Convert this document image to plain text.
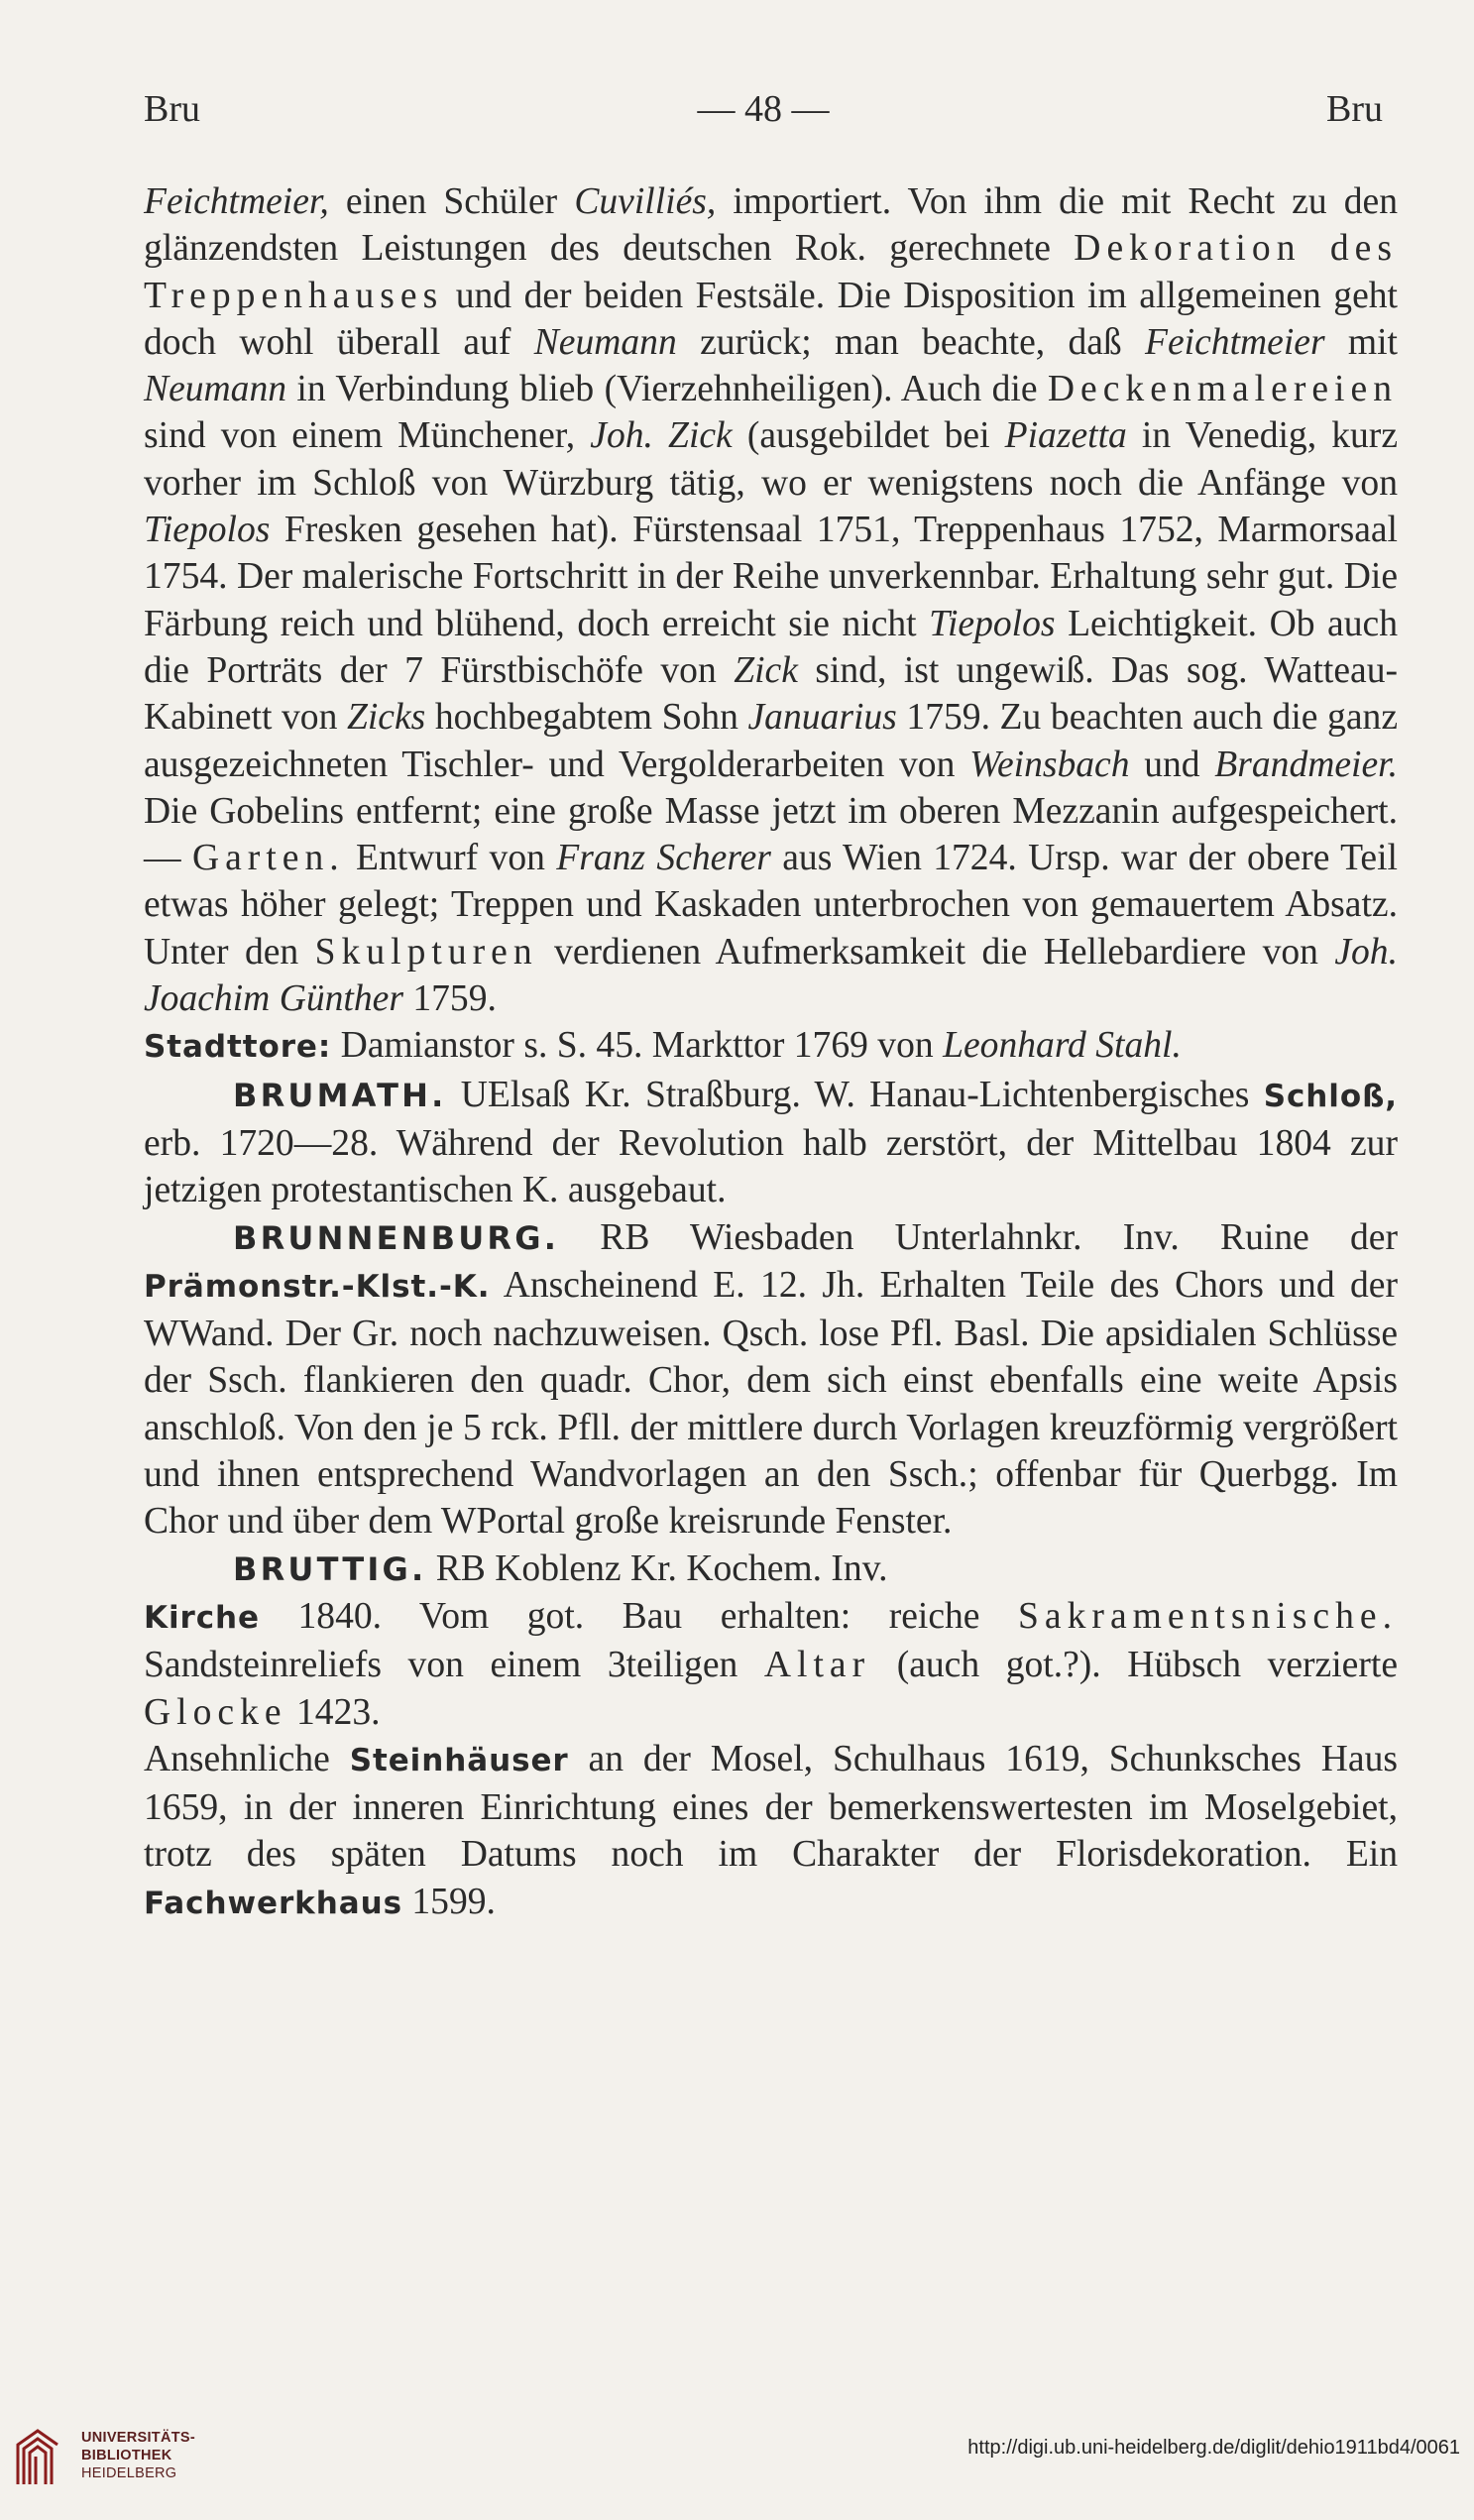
Bru	— 48 —	Bru

Feichtmeier, einen Schüler Cuvilliés, importiert. Von ihm die mit Recht zu den glänzendsten Leistungen des deutschen Rok. gerechnete Dekoration des Treppenhauses und der beiden Festsäle. Die Disposition im allgemeinen geht doch wohl überall auf Neumann zurück; man beachte, daß Feichtmeier mit Neumann in Verbindung blieb (Vierzehnheiligen). Auch die Deckenmalereien sind von einem Münchener, Joh. Zick (ausgebildet bei Piazetta in Venedig, kurz vorher im Schloß von Würzburg tätig, wo er wenigstens noch die Anfänge von Tiepolos Fresken gesehen hat). Fürstensaal 1751, Treppenhaus 1752, Marmorsaal 1754. Der malerische Fortschritt in der Reihe unverkennbar. Erhaltung sehr gut. Die Färbung reich und blühend, doch erreicht sie nicht Tiepolos Leichtigkeit. Ob auch die Porträts der 7 Fürstbischöfe von Zick sind, ist ungewiß. Das sog. Watteau-Kabinett von Zicks hochbegabtem Sohn Januarius 1759. Zu beachten auch die ganz ausgezeichneten Tischler- und Vergolderarbeiten von Weinsbach und Brandmeier. Die Gobelins entfernt; eine große Masse jetzt im oberen Mezzanin aufgespeichert. — Garten. Entwurf von Franz Scherer aus Wien 1724. Ursp. war der obere Teil etwas höher gelegt; Treppen und Kaskaden unterbrochen von gemauertem Absatz. Unter den Skulpturen verdienen Aufmerksamkeit die Hellebardiere von Joh. Joachim Günther 1759.

Stadttore: Damianstor s. S. 45. Markttor 1769 von Leonhard Stahl.

BRUMATH. UElsaß Kr. Straßburg. W. Hanau-Lichtenbergisches Schloß, erb. 1720—28. Während der Revolution halb zerstört, der Mittelbau 1804 zur jetzigen protestantischen K. ausgebaut.

BRUNNENBURG. RB Wiesbaden Unterlahnkr. Inv. Ruine der Prämonstr.-Klst.-K. Anscheinend E. 12. Jh. Erhalten Teile des Chors und der WWand. Der Gr. noch nachzuweisen. Qsch. lose Pfl. Basl. Die apsidialen Schlüsse der Ssch. flankieren den quadr. Chor, dem sich einst ebenfalls eine weite Apsis anschloß. Von den je 5 rck. Pfll. der mittlere durch Vorlagen kreuzförmig vergrößert und ihnen entsprechend Wandvorlagen an den Ssch.; offenbar für Querbgg. Im Chor und über dem WPortal große kreisrunde Fenster.

BRUTTIG. RB Koblenz Kr. Kochem. Inv.

Kirche 1840. Vom got. Bau erhalten: reiche Sakramentsnische. Sandsteinreliefs von einem 3teiligen Altar (auch got.?). Hübsch verzierte Glocke 1423.

Ansehnliche Steinhäuser an der Mosel, Schulhaus 1619, Schunksches Haus 1659, in der inneren Einrichtung eines der bemerkenswertesten im Moselgebiet, trotz des späten Datums noch im Charakter der Florisdekoration. Ein Fachwerkhaus 1599.

UNIVERSITÄTS-
BIBLIOTHEK
HEIDELBERG
http://digi.ub.uni-heidelberg.de/diglit/dehio1911bd4/0061
